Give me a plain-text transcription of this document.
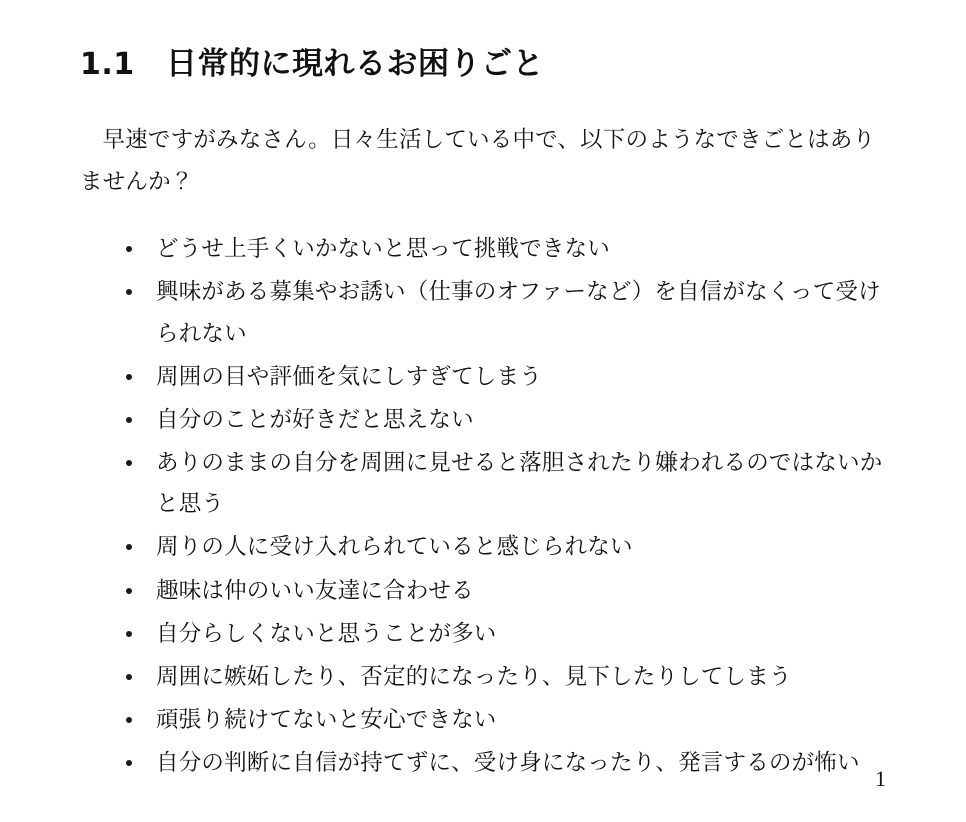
1.1	日常的に現れるお困りごと

早速ですがみなさん。日々生活している中で、以下のようなできごとはありませんか？

どうせ上手くいかないと思って挑戦できない
興味がある募集やお誘い（仕事のオファーなど）を自信がなくって受けられない
周囲の目や評価を気にしすぎてしまう
自分のことが好きだと思えない
ありのままの自分を周囲に見せると落胆されたり嫌われるのではないかと思う
周りの人に受け入れられていると感じられない
趣味は仲のいい友達に合わせる
自分らしくないと思うことが多い
周囲に嫉妬したり、否定的になったり、見下したりしてしまう
頑張り続けてないと安心できない
自分の判断に自信が持てずに、受け身になったり、発言するのが怖い
1
